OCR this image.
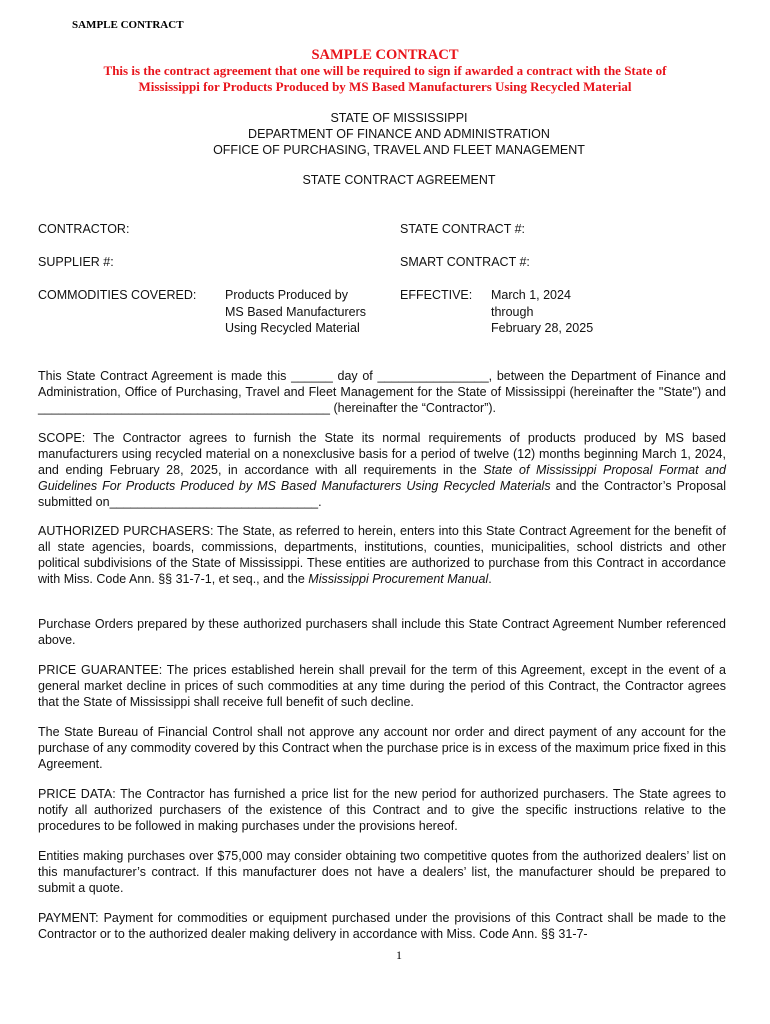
SAMPLE CONTRACT
SAMPLE CONTRACT
This is the contract agreement that one will be required to sign if awarded a contract with the State of
Mississippi for Products Produced by MS Based Manufacturers Using Recycled Material
STATE OF MISSISSIPPI
DEPARTMENT OF FINANCE AND ADMINISTRATION
OFFICE OF PURCHASING, TRAVEL AND FLEET MANAGEMENT
STATE CONTRACT AGREEMENT
CONTRACTOR:	STATE CONTRACT #:
SUPPLIER #:	SMART CONTRACT #:
COMMODITIES COVERED: Products Produced by
MS Based Manufacturers
Using Recycled Material
EFFECTIVE: March 1, 2024
through
February 28, 2025
This State Contract Agreement is made this ______ day of ________________, between the Department of Finance and Administration, Office of Purchasing, Travel and Fleet Management for the State of Mississippi (hereinafter the "State") and __________________________________________ (hereinafter the “Contractor”).
SCOPE: The Contractor agrees to furnish the State its normal requirements of products produced by MS based manufacturers using recycled material on a nonexclusive basis for a period of twelve (12) months beginning March 1, 2024, and ending February 28, 2025, in accordance with all requirements in the State of Mississippi Proposal Format and Guidelines For Products Produced by MS Based Manufacturers Using Recycled Materials and the Contractor’s Proposal submitted on______________________________.
AUTHORIZED PURCHASERS: The State, as referred to herein, enters into this State Contract Agreement for the benefit of all state agencies, boards, commissions, departments, institutions, counties, municipalities, school districts and other political subdivisions of the State of Mississippi. These entities are authorized to purchase from this Contract in accordance with Miss. Code Ann. §§ 31-7-1, et seq., and the Mississippi Procurement Manual.
Purchase Orders prepared by these authorized purchasers shall include this State Contract Agreement Number referenced above.
PRICE GUARANTEE: The prices established herein shall prevail for the term of this Agreement, except in the event of a general market decline in prices of such commodities at any time during the period of this Contract, the Contractor agrees that the State of Mississippi shall receive full benefit of such decline.
The State Bureau of Financial Control shall not approve any account nor order and direct payment of any account for the purchase of any commodity covered by this Contract when the purchase price is in excess of the maximum price fixed in this Agreement.
PRICE DATA: The Contractor has furnished a price list for the new period for authorized purchasers. The State agrees to notify all authorized purchasers of the existence of this Contract and to give the specific instructions relative to the procedures to be followed in making purchases under the provisions hereof.
Entities making purchases over $75,000 may consider obtaining two competitive quotes from the authorized dealers’ list on this manufacturer’s contract. If this manufacturer does not have a dealers’ list, the manufacturer should be prepared to submit a quote.
PAYMENT: Payment for commodities or equipment purchased under the provisions of this Contract shall be made to the Contractor or to the authorized dealer making delivery in accordance with Miss. Code Ann. §§ 31-7-
1
